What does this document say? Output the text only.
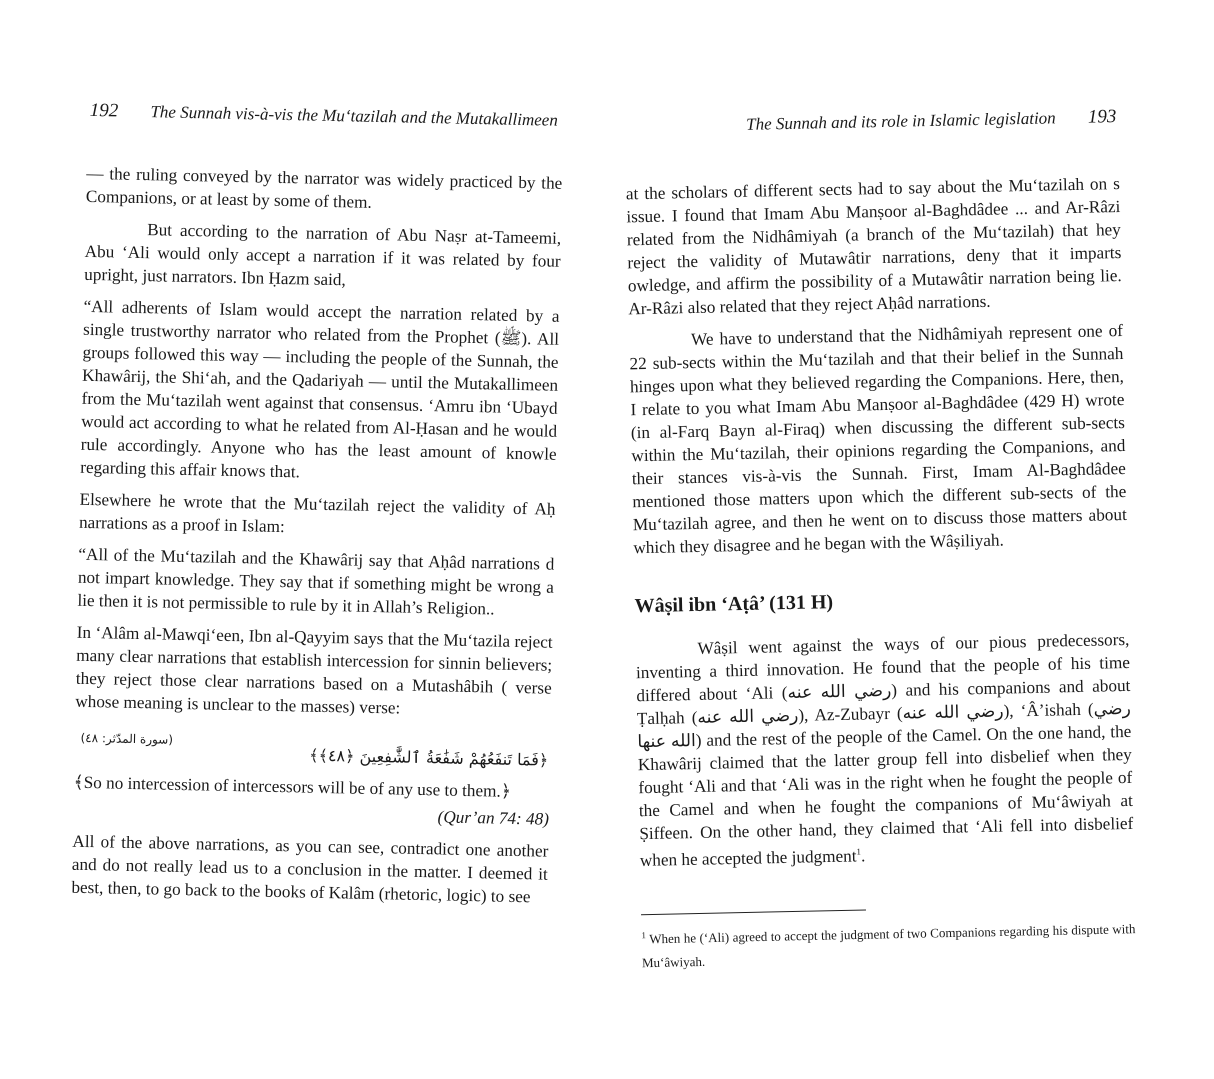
192 The Sunnah vis-à-vis the Mu‘tazilah and the Mutakallimeen

— the ruling conveyed by the narrator was widely practiced by the Companions, or at least by some of them.

But according to the narration of Abu Naṣr at-Tameemi, Abu ‘Ali would only accept a narration if it was related by four upright, just narrators. Ibn Ḥazm said,

“All adherents of Islam would accept the narration related by a single trustworthy narrator who related from the Prophet (ﷺ). All groups followed this way — including the people of the Sunnah, the Khawârij, the Shi‘ah, and the Qadariyah — until the Mutakallimeen from the Mu‘tazilah went against that consensus. ‘Amru ibn ‘Ubayd would act according to what he related from Al-Ḥasan and he would rule accordingly. Anyone who has the least amount of knowle regarding this affair knows that.

Elsewhere he wrote that the Mu‘tazilah reject the validity of Aḥ narrations as a proof in Islam:

“All of the Mu‘tazilah and the Khawârij say that Aḥâd narrations d not impart knowledge. They say that if something might be wrong a lie then it is not permissible to rule by it in Allah’s Religion..

In ‘Alâm al-Mawqi‘een, Ibn al-Qayyim says that the Mu‘tazila reject many clear narrations that establish intercession for sinnin believers; they reject those clear narrations based on a Mutashâbih ( verse whose meaning is unclear to the masses) verse:

(سورة المدّثر: ٤٨)
﴿فَمَا تَنفَعُهُمْ شَفَٰعَةُ ٱلشَّٰفِعِينَ ﴿٤٨﴾﴾

﴾So no intercession of intercessors will be of any use to them.﴿

(Qur’an 74: 48)

All of the above narrations, as you can see, contradict one another and do not really lead us to a conclusion in the matter. I deemed it best, then, to go back to the books of Kalâm (rhetoric, logic) to see

The Sunnah and its role in Islamic legislation 193

at the scholars of different sects had to say about the Mu‘tazilah on s issue. I found that Imam Abu Manṣoor al-Baghdâdee ... and Ar-Râzi related from the Nidhâmiyah (a branch of the Mu‘tazilah) that hey reject the validity of Mutawâtir narrations, deny that it imparts owledge, and affirm the possibility of a Mutawâtir narration being lie. Ar-Râzi also related that they reject Aḥâd narrations.

We have to understand that the Nidhâmiyah represent one of 22 sub-sects within the Mu‘tazilah and that their belief in the Sunnah hinges upon what they believed regarding the Companions. Here, then, I relate to you what Imam Abu Manṣoor al-Baghdâdee (429 H) wrote (in al-Farq Bayn al-Firaq) when discussing the different sub-sects within the Mu‘tazilah, their opinions regarding the Companions, and their stances vis-à-vis the Sunnah. First, Imam Al-Baghdâdee mentioned those matters upon which the different sub-sects of the Mu‘tazilah agree, and then he went on to discuss those matters about which they disagree and he began with the Wâṣiliyah.

Wâṣil ibn ‘Aṭâ’ (131 H)

Wâṣil went against the ways of our pious predecessors, inventing a third innovation. He found that the people of his time differed about ‘Ali (رضي الله عنه) and his companions and about Ṭalḥah (رضي الله عنه), Az-Zubayr (رضي الله عنه), ‘Â’ishah (رضي الله عنها) and the rest of the people of the Camel. On the one hand, the Khawârij claimed that the latter group fell into disbelief when they fought ‘Ali and that ‘Ali was in the right when he fought the people of the Camel and when he fought the companions of Mu‘âwiyah at Ṣiffeen. On the other hand, they claimed that ‘Ali fell into disbelief when he accepted the judgment$^1$.

$^1$ When he (‘Ali) agreed to accept the judgment of two Companions regarding his dispute with Mu‘âwiyah.
